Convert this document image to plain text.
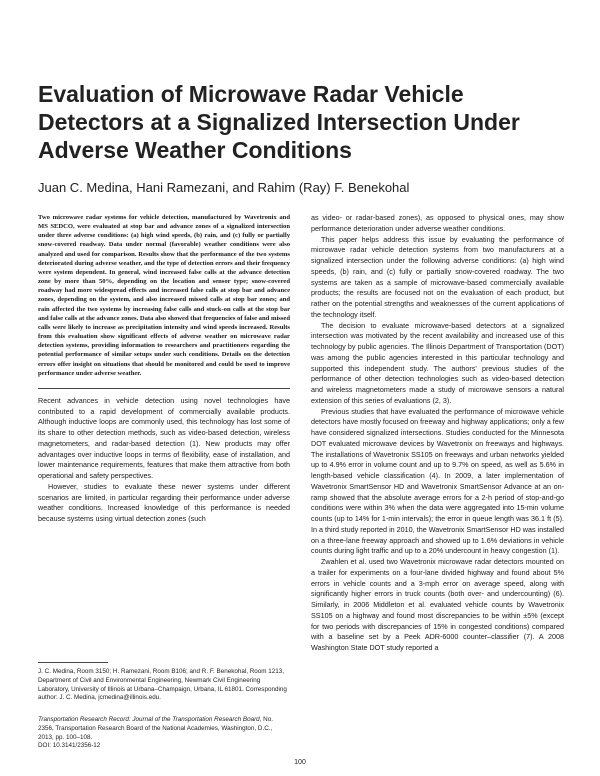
Evaluation of Microwave Radar Vehicle Detectors at a Signalized Intersection Under Adverse Weather Conditions

Juan C. Medina, Hani Ramezani, and Rahim (Ray) F. Benekohal

Two microwave radar systems for vehicle detection, manufactured by Wavetronix and MS SEDCO, were evaluated at stop bar and advance zones of a signalized intersection under three adverse conditions: (a) high wind speeds, (b) rain, and (c) fully or partially snow-covered roadway. Data under normal (favorable) weather conditions were also analyzed and used for comparison. Results show that the performance of the two systems deteriorated during adverse weather, and the type of detection errors and their frequency were system dependent. In general, wind increased false calls at the advance detection zone by more than 50%, depending on the location and sensor type; snow-covered roadway had more widespread effects and increased false calls at stop bar and advance zones, depending on the system, and also increased missed calls at stop bar zones; and rain affected the two systems by increasing false calls and stuck-on calls at the stop bar and false calls at the advance zones. Data also showed that frequencies of false and missed calls were likely to increase as precipitation intensity and wind speeds increased. Results from this evaluation show significant effects of adverse weather on microwave radar detection systems, providing information to researchers and practitioners regarding the potential performance of similar setups under such conditions. Details on the detection errors offer insight on situations that should be monitored and could be used to improve performance under adverse weather.

Recent advances in vehicle detection using novel technologies have contributed to a rapid development of commercially available products. Although inductive loops are commonly used, this technology has lost some of its share to other detection methods, such as video-based detection, wireless magnetometers, and radar-based detection (1). New products may offer advantages over inductive loops in terms of flexibility, ease of installation, and lower maintenance requirements, features that make them attractive from both operational and safety perspectives.

However, studies to evaluate these newer systems under different scenarios are limited, in particular regarding their performance under adverse weather conditions. Increased knowledge of this performance is needed because systems using virtual detection zones (such

as video- or radar-based zones), as opposed to physical ones, may show performance deterioration under adverse weather conditions.

This paper helps address this issue by evaluating the performance of microwave radar vehicle detection systems from two manufacturers at a signalized intersection under the following adverse conditions: (a) high wind speeds, (b) rain, and (c) fully or partially snow-covered roadway. The two systems are taken as a sample of microwave-based commercially available products; the results are focused not on the evaluation of each product, but rather on the potential strengths and weaknesses of the current applications of the technology itself.

The decision to evaluate microwave-based detectors at a signalized intersection was motivated by the recent availability and increased use of this technology by public agencies. The Illinois Department of Transportation (DOT) was among the public agencies interested in this particular technology and supported this independent study. The authors' previous studies of the performance of other detection technologies such as video-based detection and wireless magnetometers made a study of microwave sensors a natural extension of this series of evaluations (2, 3).

Previous studies that have evaluated the performance of microwave vehicle detectors have mostly focused on freeway and highway applications; only a few have considered signalized intersections. Studies conducted for the Minnesota DOT evaluated microwave devices by Wavetronix on freeways and highways. The installations of Wavetronix SS105 on freeways and urban networks yielded up to 4.9% error in volume count and up to 9.7% on speed, as well as 5.6% in length-based vehicle classification (4). In 2009, a later implementation of Wavetronix SmartSensor HD and Wavetronix SmartSensor Advance at an on-ramp showed that the absolute average errors for a 2-h period of stop-and-go conditions were within 3% when the data were aggregated into 15-min volume counts (up to 14% for 1-min intervals); the error in queue length was 36.1 ft (5). In a third study reported in 2010, the Wavetronix SmartSensor HD was installed on a three-lane freeway approach and showed up to 1.6% deviations in vehicle counts during light traffic and up to a 20% undercount in heavy congestion (1).

Zwahlen et al. used two Wavetronix microwave radar detectors mounted on a trailer for experiments on a four-lane divided highway and found about 5% errors in vehicle counts and a 3-mph error on average speed, along with significantly higher errors in truck counts (both over- and undercounting) (6). Similarly, in 2006 Middleton et al. evaluated vehicle counts by Wavetronix SS105 on a highway and found most discrepancies to be within ±5% (except for two periods with discrepancies of 15% in congested conditions) compared with a baseline set by a Peek ADR-6000 counter–classifier (7). A 2008 Washington State DOT study reported a

J. C. Medina, Room 3150; H. Ramezani, Room B106; and R. F. Benekohal, Room 1213, Department of Civil and Environmental Engineering, Newmark Civil Engineering Laboratory, University of Illinois at Urbana–Champaign, Urbana, IL 61801. Corresponding author: J. C. Medina, jcmedina@illinois.edu.

Transportation Research Record: Journal of the Transportation Research Board, No. 2356, Transportation Research Board of the National Academies, Washington, D.C., 2013, pp. 100–108.
DOI: 10.3141/2356-12

100
